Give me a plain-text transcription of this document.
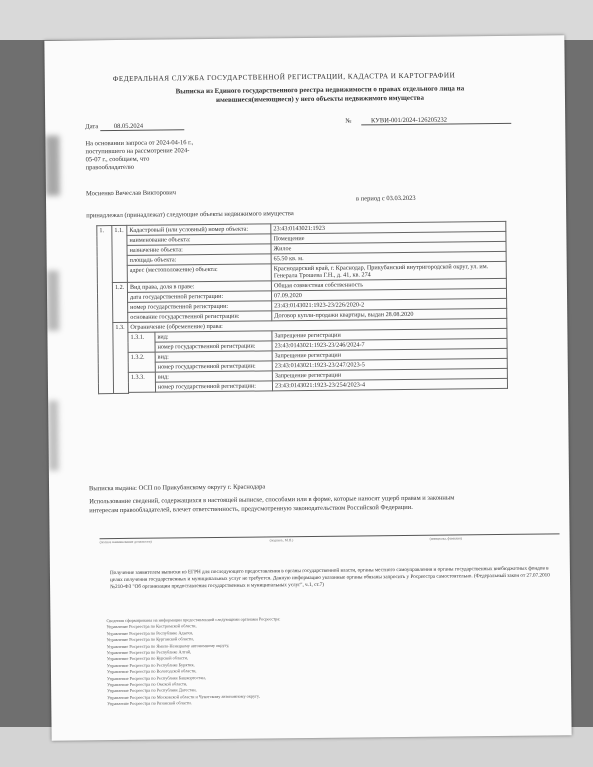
ФЕДЕРАЛЬНАЯ СЛУЖБА ГОСУДАРСТВЕННОЙ РЕГИСТРАЦИИ, КАДАСТРА И КАРТОГРАФИИ
Выписка из Единого государственного реестра недвижимости о правах отдельного лица на имевшиеся(имеющиеся) у него объекты недвижимого имущества
Дата 08.05.2024
№	КУВИ-001/2024-126205232
На основании запроса от 2024-04-16 г., поступившего на рассмотрение 2024-05-07 г., сообщаем, что правообладателю
Мосиенко Вячеслав Викторович
в период с 03.03.2023
принадлежал (принадлежат) следующие объекты недвижимого имущества
1.	1.1.	Кадастровый (или условный) номер объекта:		23:43:0143021:1923
		наименование объекта:		Помещение
		назначение объекта:		Жилое
		площадь объекта:		65.50 кв. м.
		адрес (местоположение) объекта:		Краснодарский край, г. Краснодар, Прикубанский внутригородской округ, ул. им. Генерала Трошева Г.Н., д. 41, кв. 274
	1.2.	Вид права, доля в праве:		Общая совместная собственность
		дата государственной регистрации:		07.09.2020
		номер государственной регистрации:		23:43:0143021:1923-23/226/2020-2
		основание государственной регистрации:		Договор купли-продажи квартиры, выдан 28.08.2020
	1.3.	Ограничение (обременение) права:		
		1.3.1.	вид:	Запрещение регистрации
			номер государственной регистрации:	23:43:0143021:1923-23/246/2024-7
		1.3.2.	вид:	Запрещение регистрации
			номер государственной регистрации:	23:43:0143021:1923-23/247/2023-5
		1.3.3.	вид:	Запрещение регистрации
			номер государственной регистрации:	23:43:0143021:1923-23/254/2023-4

Выписка выдана: ОСП по Прикубанскому округу г. Краснодара
Использование сведений, содержащихся в настоящей выписке, способами или в форме, которые наносят ущерб правам и законным интересам правообладателей, влечет ответственность, предусмотренную законодательством Российской Федерации.
(полное наименование должности)	(подпись, М.П.)	(инициалы, фамилия)
Получение заявителем выписки из ЕГРН для последующего предоставления в органы государственной власти, органы местного самоуправления и органы государственных внебюджетных фондов в целях получения государственных и муниципальных услуг не требуется. Данную информацию указанные органы обязаны запросить у Росреестра самостоятельно. (Федеральный закон от 27.07.2010 №210-ФЗ "Об организации предоставления государственных и муниципальных услуг", ч.1, ст.7)
Сведения сформированы на информации предоставленной следующими органами Росреестра:
Управление Росреестра по Костромской области,
Управление Росреестра по Республике Адыгея,
Управление Росреестра по Курганской области,
Управление Росреестра по Ямало-Ненецкому автономному округу,
Управление Росреестра по Республике Алтай,
Управление Росреестра по Курской области,
Управление Росреестра по Республике Бурятия,
Управление Росреестра по Вологодской области,
Управление Росреестра по Республике Башкортостан,
Управление Росреестра по Омской области,
Управление Росреестра по Республике Дагестан,
Управление Росреестра по Московской области и Чукотскому автономному округу,
Управление Росреестра по Рязанской области.
